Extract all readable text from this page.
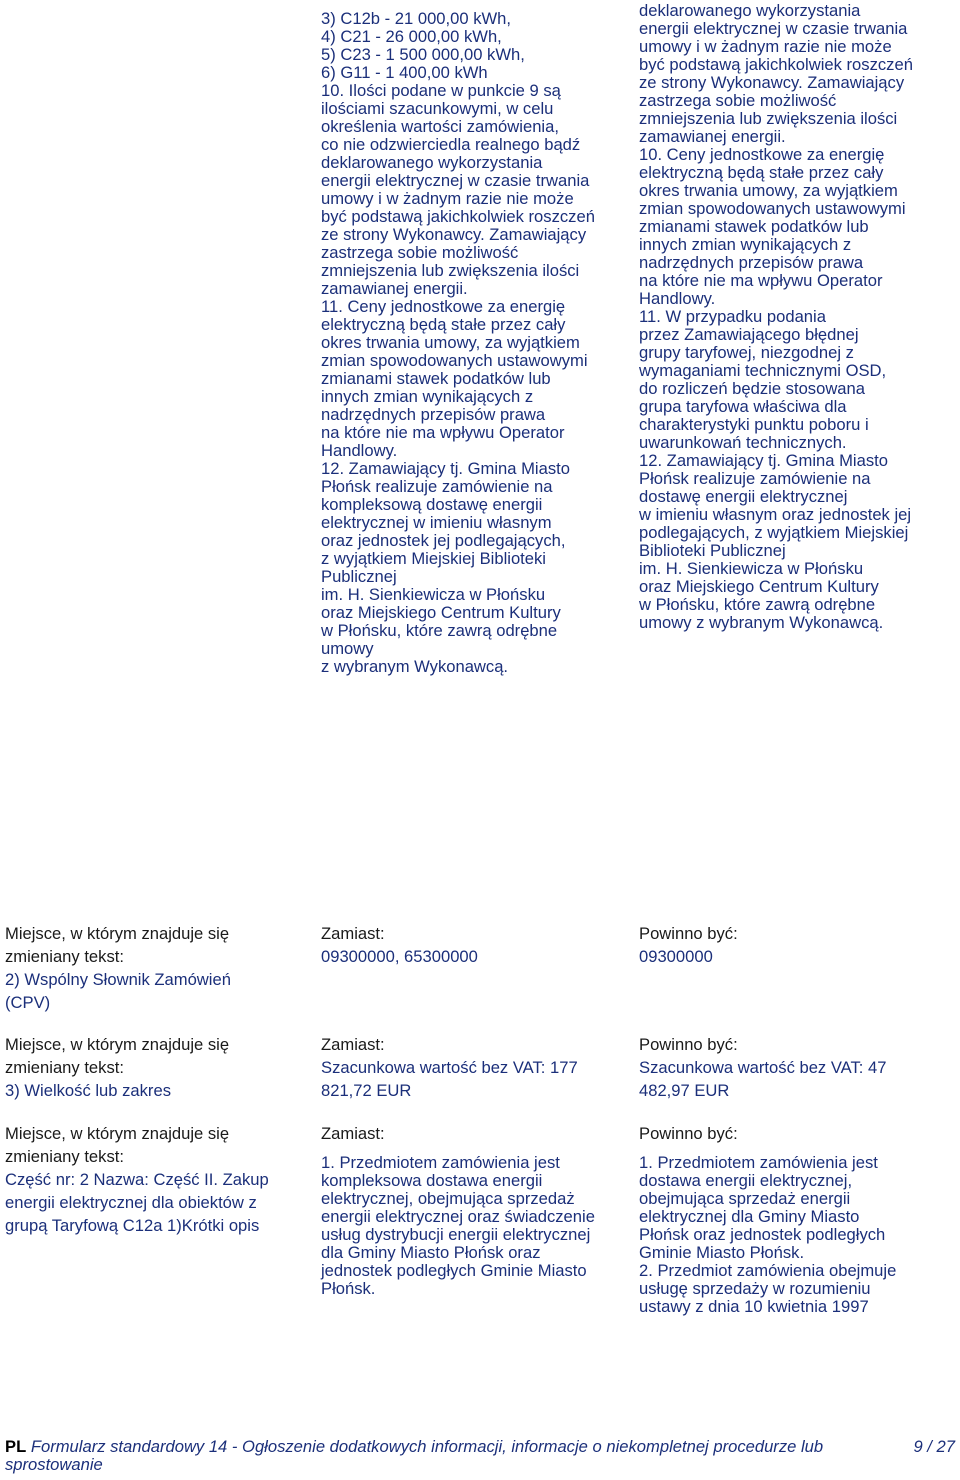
3) C12b - 21 000,00 kWh,
4) C21 - 26 000,00 kWh,
5) C23 - 1 500 000,00 kWh,
6) G11 - 1 400,00 kWh
10. Ilości podane w punkcie 9 są
ilościami szacunkowymi, w celu
określenia wartości zamówienia,
co nie odzwierciedla realnego bądź
deklarowanego wykorzystania
energii elektrycznej w czasie trwania
umowy i w żadnym razie nie może
być podstawą jakichkolwiek roszczeń
ze strony Wykonawcy. Zamawiający
zastrzega sobie możliwość
zmniejszenia lub zwiększenia ilości
zamawianej energii.
11. Ceny jednostkowe za energię
elektryczną będą stałe przez cały
okres trwania umowy, za wyjątkiem
zmian spowodowanych ustawowymi
zmianami stawek podatków lub
innych zmian wynikających z
nadrzędnych przepisów prawa
na które nie ma wpływu Operator
Handlowy.
12. Zamawiający tj. Gmina Miasto
Płońsk realizuje zamówienie na
kompleksową dostawę energii
elektrycznej w imieniu własnym
oraz jednostek jej podlegających,
z wyjątkiem Miejskiej Biblioteki
Publicznej
im. H. Sienkiewicza w Płońsku
oraz Miejskiego Centrum Kultury
w Płońsku, które zawrą odrębne
umowy
z wybranym Wykonawcą.
deklarowanego wykorzystania
energii elektrycznej w czasie trwania
umowy i w żadnym razie nie może
być podstawą jakichkolwiek roszczeń
ze strony Wykonawcy. Zamawiający
zastrzega sobie możliwość
zmniejszenia lub zwiększenia ilości
zamawianej energii.
10. Ceny jednostkowe za energię
elektryczną będą stałe przez cały
okres trwania umowy, za wyjątkiem
zmian spowodowanych ustawowymi
zmianami stawek podatków lub
innych zmian wynikających z
nadrzędnych przepisów prawa
na które nie ma wpływu Operator
Handlowy.
11. W przypadku podania
przez Zamawiającego błędnej
grupy taryfowej, niezgodnej z
wymaganiami technicznymi OSD,
do rozliczeń będzie stosowana
grupa taryfowa właściwa dla
charakterystyki punktu poboru i
uwarunkowań technicznych.
12. Zamawiający tj. Gmina Miasto
Płońsk realizuje zamówienie na
dostawę energii elektrycznej
w imieniu własnym oraz jednostek jej
podlegających, z wyjątkiem Miejskiej
Biblioteki Publicznej
im. H. Sienkiewicza w Płońsku
oraz Miejskiego Centrum Kultury
w Płońsku, które zawrą odrębne
umowy z wybranym Wykonawcą.
Miejsce, w którym znajduje się
zmieniany tekst:
2) Wspólny Słownik Zamówień
(CPV)
Zamiast:
09300000, 65300000
Powinno być:
09300000
Miejsce, w którym znajduje się
zmieniany tekst:
3) Wielkość lub zakres
Zamiast:
Szacunkowa wartość bez VAT: 177
821,72 EUR
Powinno być:
Szacunkowa wartość bez VAT: 47
482,97 EUR
Miejsce, w którym znajduje się
zmieniany tekst:
Część nr: 2 Nazwa: Część II. Zakup
energii elektrycznej dla obiektów z
grupą Taryfową C12a 1)Krótki opis
Zamiast:
1. Przedmiotem zamówienia jest
kompleksowa dostawa energii
elektrycznej, obejmująca sprzedaż
energii elektrycznej oraz świadczenie
usług dystrybucji energii elektrycznej
dla Gminy Miasto Płońsk oraz
jednostek podległych Gminie Miasto
Płońsk.
Powinno być:
1. Przedmiotem zamówienia jest
dostawa energii elektrycznej,
obejmująca sprzedaż energii
elektrycznej dla Gminy Miasto
Płońsk oraz jednostek podległych
Gminie Miasto Płońsk.
2. Przedmiot zamówienia obejmuje
usługę sprzedaży w rozumieniu
ustawy z dnia 10 kwietnia 1997
PL Formularz standardowy 14 - Ogłoszenie dodatkowych informacji, informacje o niekompletnej procedurze lub
sprostowanie
9 / 27
